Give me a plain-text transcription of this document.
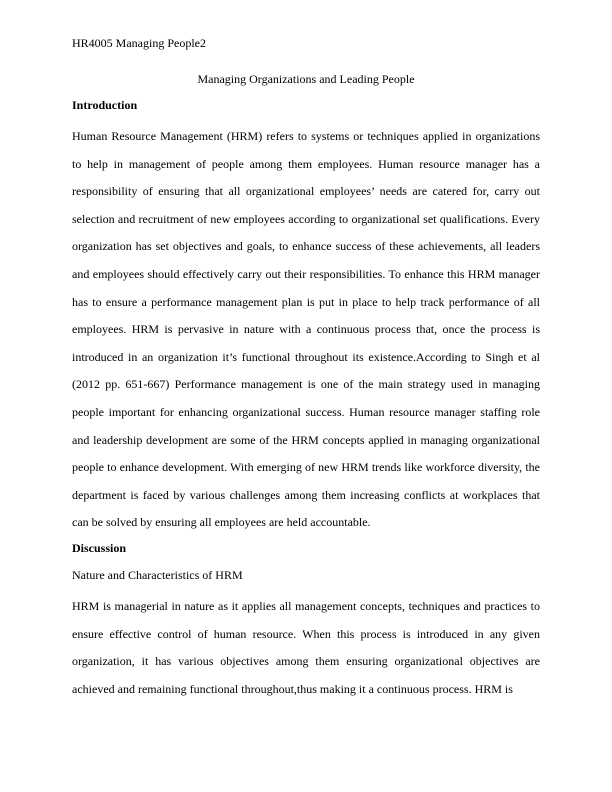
HR4005 Managing People2
Managing Organizations and Leading People
Introduction
Human Resource Management (HRM) refers to systems or techniques applied in organizations to help in management of people among them employees. Human resource manager has a responsibility of ensuring that all organizational employees’ needs are catered for, carry out selection and recruitment of new employees according to organizational set qualifications. Every organization has set objectives and goals, to enhance success of these achievements, all leaders and employees should effectively carry out their responsibilities. To enhance this HRM manager has to ensure a performance management plan is put in place to help track performance of all employees. HRM is pervasive in nature with a continuous process that, once the process is introduced in an organization it’s functional throughout its existence.According to Singh et al (2012 pp. 651-667) Performance management is one of the main strategy used in managing people important for enhancing organizational success. Human resource manager staffing role and leadership development are some of the HRM concepts applied in managing organizational people to enhance development. With emerging of new HRM trends like workforce diversity, the department is faced by various challenges among them increasing conflicts at workplaces that can be solved by ensuring all employees are held accountable.
Discussion
Nature and Characteristics of HRM
HRM is managerial in nature as it applies all management concepts, techniques and practices to ensure effective control of human resource. When this process is introduced in any given organization, it has various objectives among them ensuring organizational objectives are achieved and remaining functional throughout,thus making it a continuous process. HRM is
